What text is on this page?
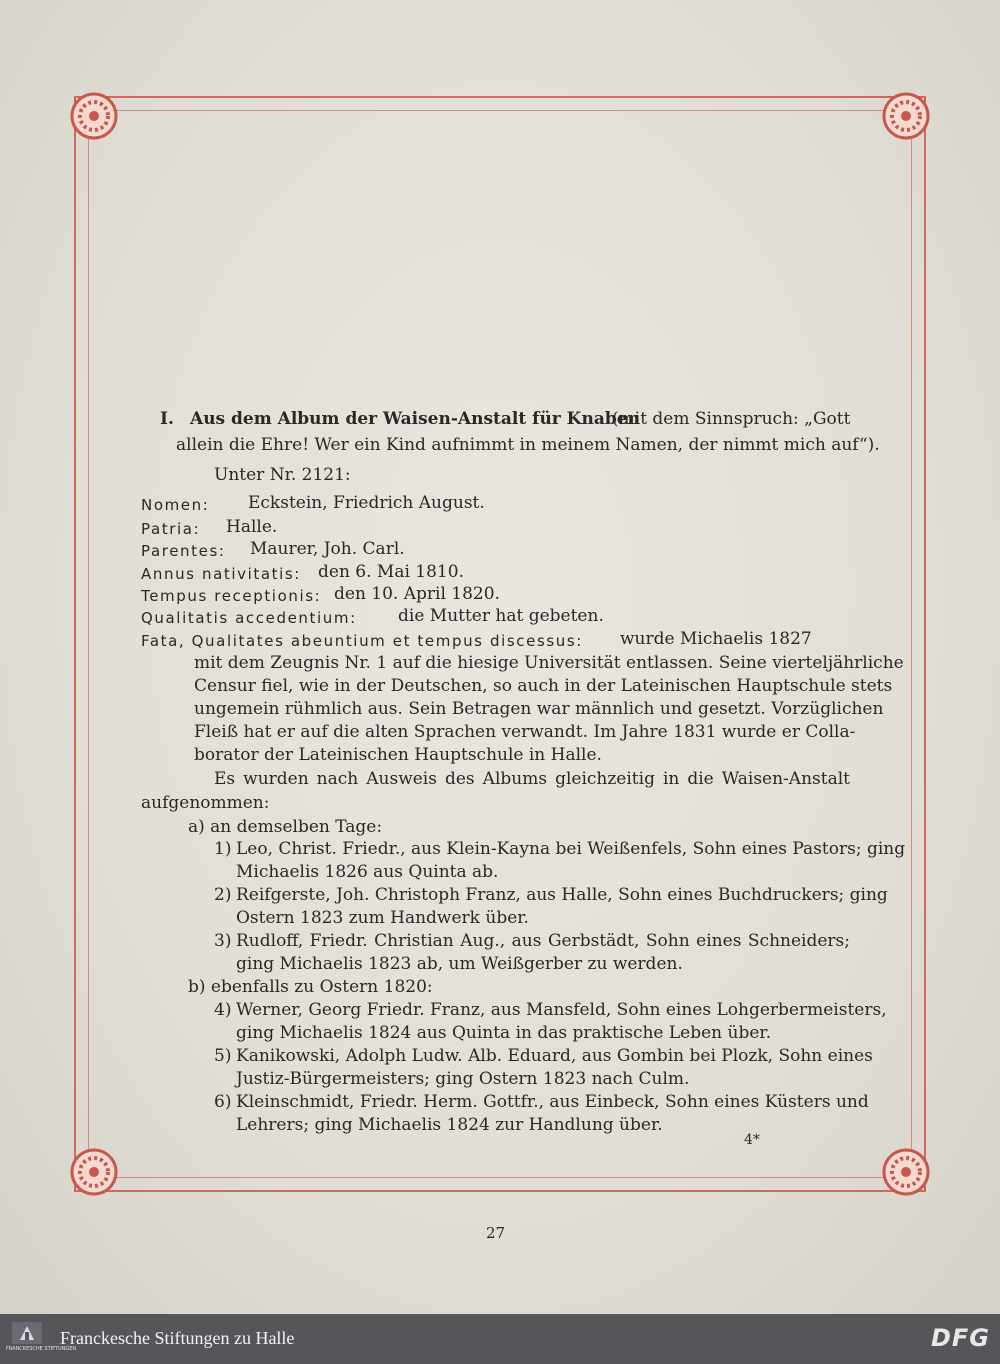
I. Aus dem Album der Waisen-Anstalt für Knaben
(mit dem Sinnspruch: „Gott
allein die Ehre! Wer ein Kind aufnimmt in meinem Namen, der nimmt mich auf“).
Unter Nr. 2121:
Nomen: Eckstein, Friedrich August.
Patria: Halle.
Parentes: Maurer, Joh. Carl.
Annus nativitatis: den 6. Mai 1810.
Tempus receptionis: den 10. April 1820.
Qualitatis accedentium: die Mutter hat gebeten.
Fata, Qualitates abeuntium et tempus discessus: wurde Michaelis 1827
mit dem Zeugnis Nr. 1 auf die hiesige Universität entlassen. Seine vierteljährliche
Censur fiel, wie in der Deutschen, so auch in der Lateinischen Hauptschule stets
ungemein rühmlich aus. Sein Betragen war männlich und gesetzt. Vorzüglichen
Fleiß hat er auf die alten Sprachen verwandt. Im Jahre 1831 wurde er Colla-
borator der Lateinischen Hauptschule in Halle.
Es wurden nach Ausweis des Albums gleichzeitig in die Waisen-Anstalt
aufgenommen:
a) an demselben Tage:
1) Leo, Christ. Friedr., aus Klein-Kayna bei Weißenfels, Sohn eines Pastors; ging
Michaelis 1826 aus Quinta ab.
2) Reifgerste, Joh. Christoph Franz, aus Halle, Sohn eines Buchdruckers; ging
Ostern 1823 zum Handwerk über.
3) Rudloff, Friedr. Christian Aug., aus Gerbstädt, Sohn eines Schneiders;
ging Michaelis 1823 ab, um Weißgerber zu werden.
b) ebenfalls zu Ostern 1820:
4) Werner, Georg Friedr. Franz, aus Mansfeld, Sohn eines Lohgerbermeisters,
ging Michaelis 1824 aus Quinta in das praktische Leben über.
5) Kanikowski, Adolph Ludw. Alb. Eduard, aus Gombin bei Plozk, Sohn eines
Justiz-Bürgermeisters; ging Ostern 1823 nach Culm.
6) Kleinschmidt, Friedr. Herm. Gottfr., aus Einbeck, Sohn eines Küsters und
Lehrers; ging Michaelis 1824 zur Handlung über.
4*
27
FRANCKESCHE STIFTUNGEN
Franckesche Stiftungen zu Halle	DFG
